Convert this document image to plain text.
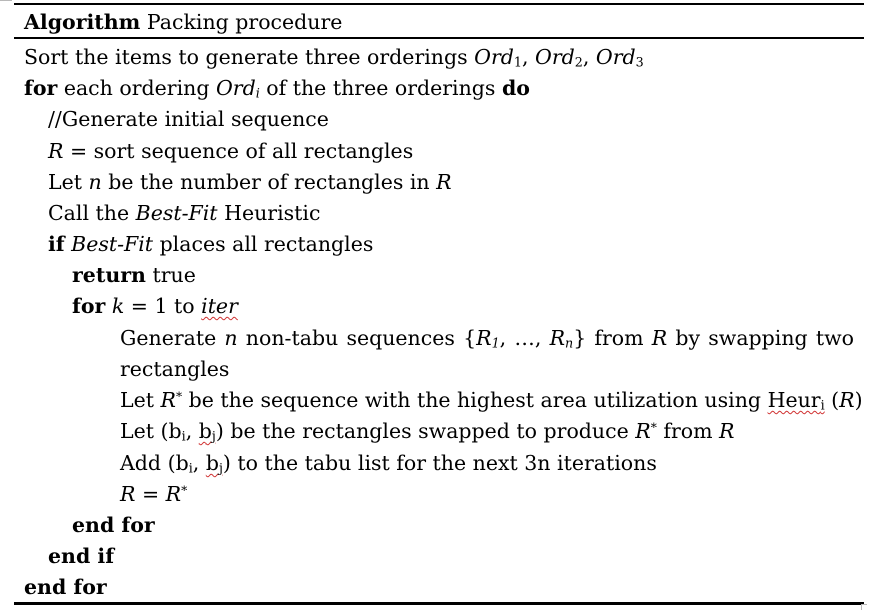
Algorithm Packing procedure
Sort the items to generate three orderings Ord$_1$, Ord$_2$, Ord$_3$
for each ordering Ord$_i$ of the three orderings do
//Generate initial sequence
R = sort sequence of all rectangles
Let n be the number of rectangles in R
Call the Best-Fit Heuristic
if Best-Fit places all rectangles
return true
for k = 1 to iter
Generate n non-tabu sequences {$R_1$, …, $R_n$} from R by swapping two
rectangles
Let R* be the sequence with the highest area utilization using Heur$_i$ (R)
Let ($b_i$, $b_j$) be the rectangles swapped to produce R* from R
Add ($b_i$, $b_j$) to the tabu list for the next 3n iterations
R = R*
end for
end if
end for
